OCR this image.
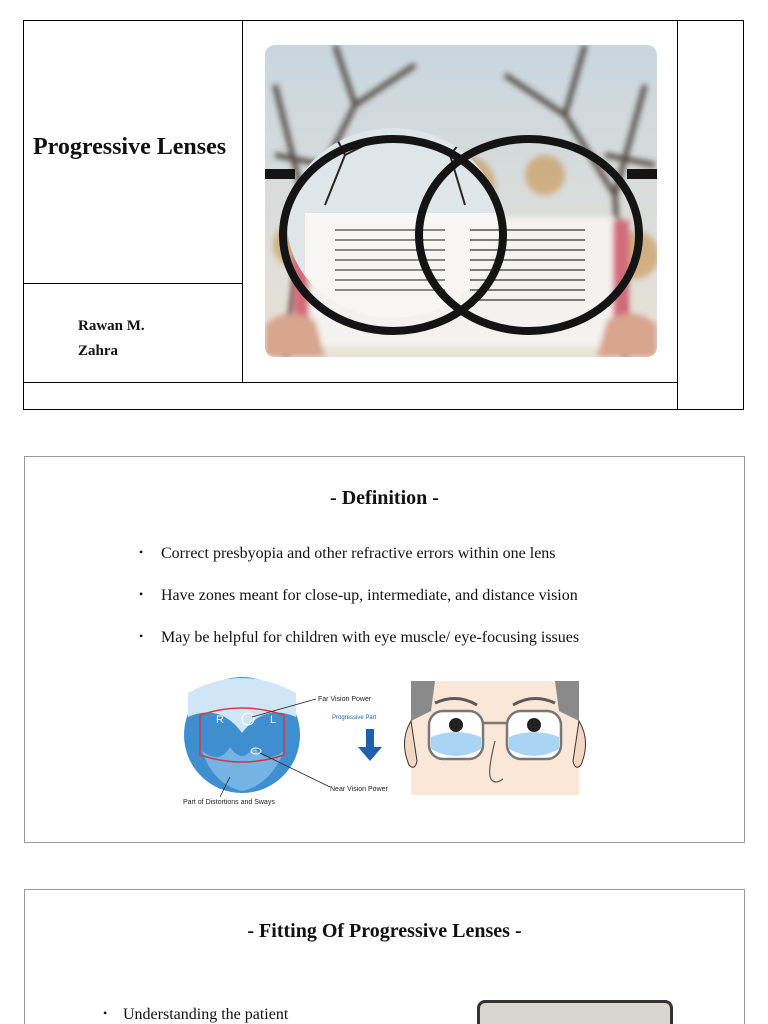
Progressive Lenses
Rawan M.
Zahra
- Definition -
• Correct presbyopia and other refractive errors within one lens
• Have zones meant for close-up, intermediate, and distance vision
• May be helpful for children with eye muscle/ eye-focusing issues
R	L
Far Vision Power
Progressive Part
Near Vision Power
Part of Distortions and Sways
- Fitting Of Progressive Lenses -
• Understanding the patient
